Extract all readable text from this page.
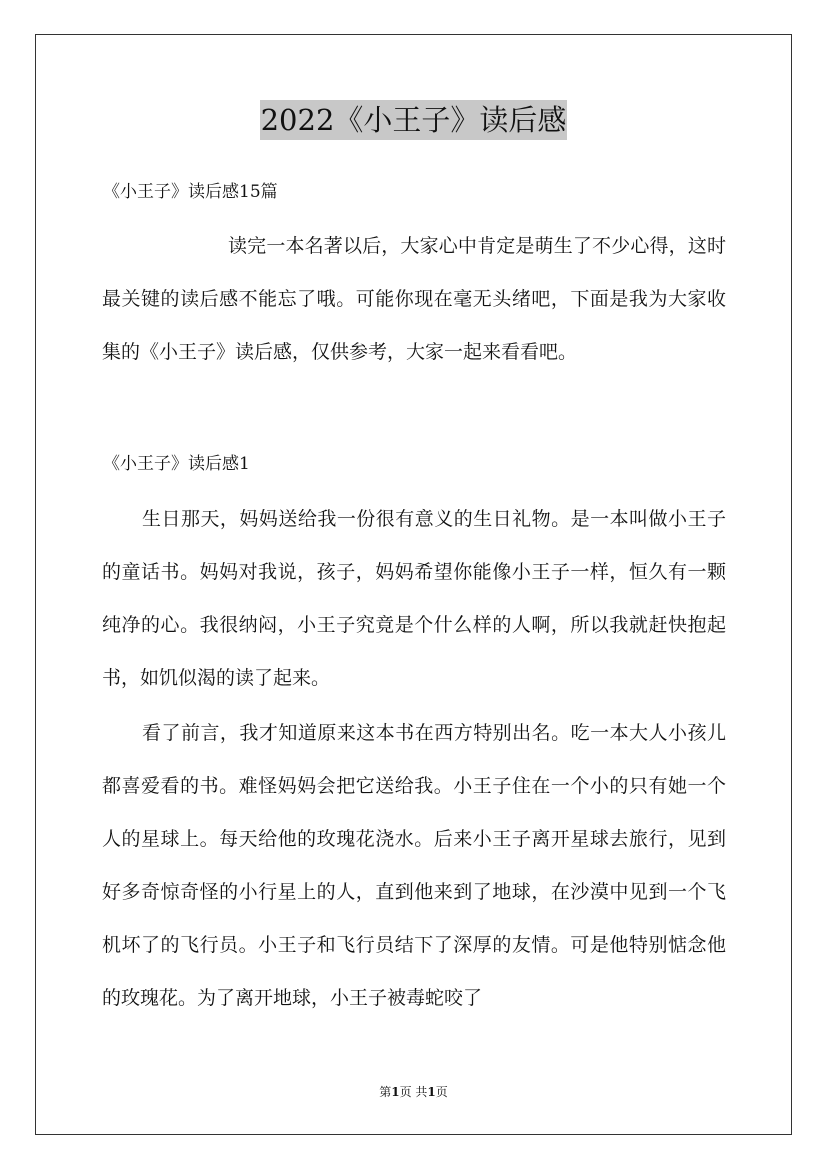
2022《小王子》读后感
《小王子》读后感15篇

读完一本名著以后，大家心中肯定是萌生了不少心得，这时最关键的读后感不能忘了哦。可能你现在毫无头绪吧，下面是我为大家收集的《小王子》读后感，仅供参考，大家一起来看看吧。

《小王子》读后感1

生日那天，妈妈送给我一份很有意义的生日礼物。是一本叫做小王子的童话书。妈妈对我说，孩子，妈妈希望你能像小王子一样，恒久有一颗纯净的心。我很纳闷，小王子究竟是个什么样的人啊，所以我就赶快抱起书，如饥似渴的读了起来。

看了前言，我才知道原来这本书在西方特别出名。吃一本大人小孩儿都喜爱看的书。难怪妈妈会把它送给我。小王子住在一个小的只有她一个人的星球上。每天给他的玫瑰花浇水。后来小王子离开星球去旅行，见到好多奇惊奇怪的小行星上的人，直到他来到了地球，在沙漠中见到一个飞机坏了的飞行员。小王子和飞行员结下了深厚的友情。可是他特别惦念他的玫瑰花。为了离开地球，小王子被毒蛇咬了

第1页 共1页
